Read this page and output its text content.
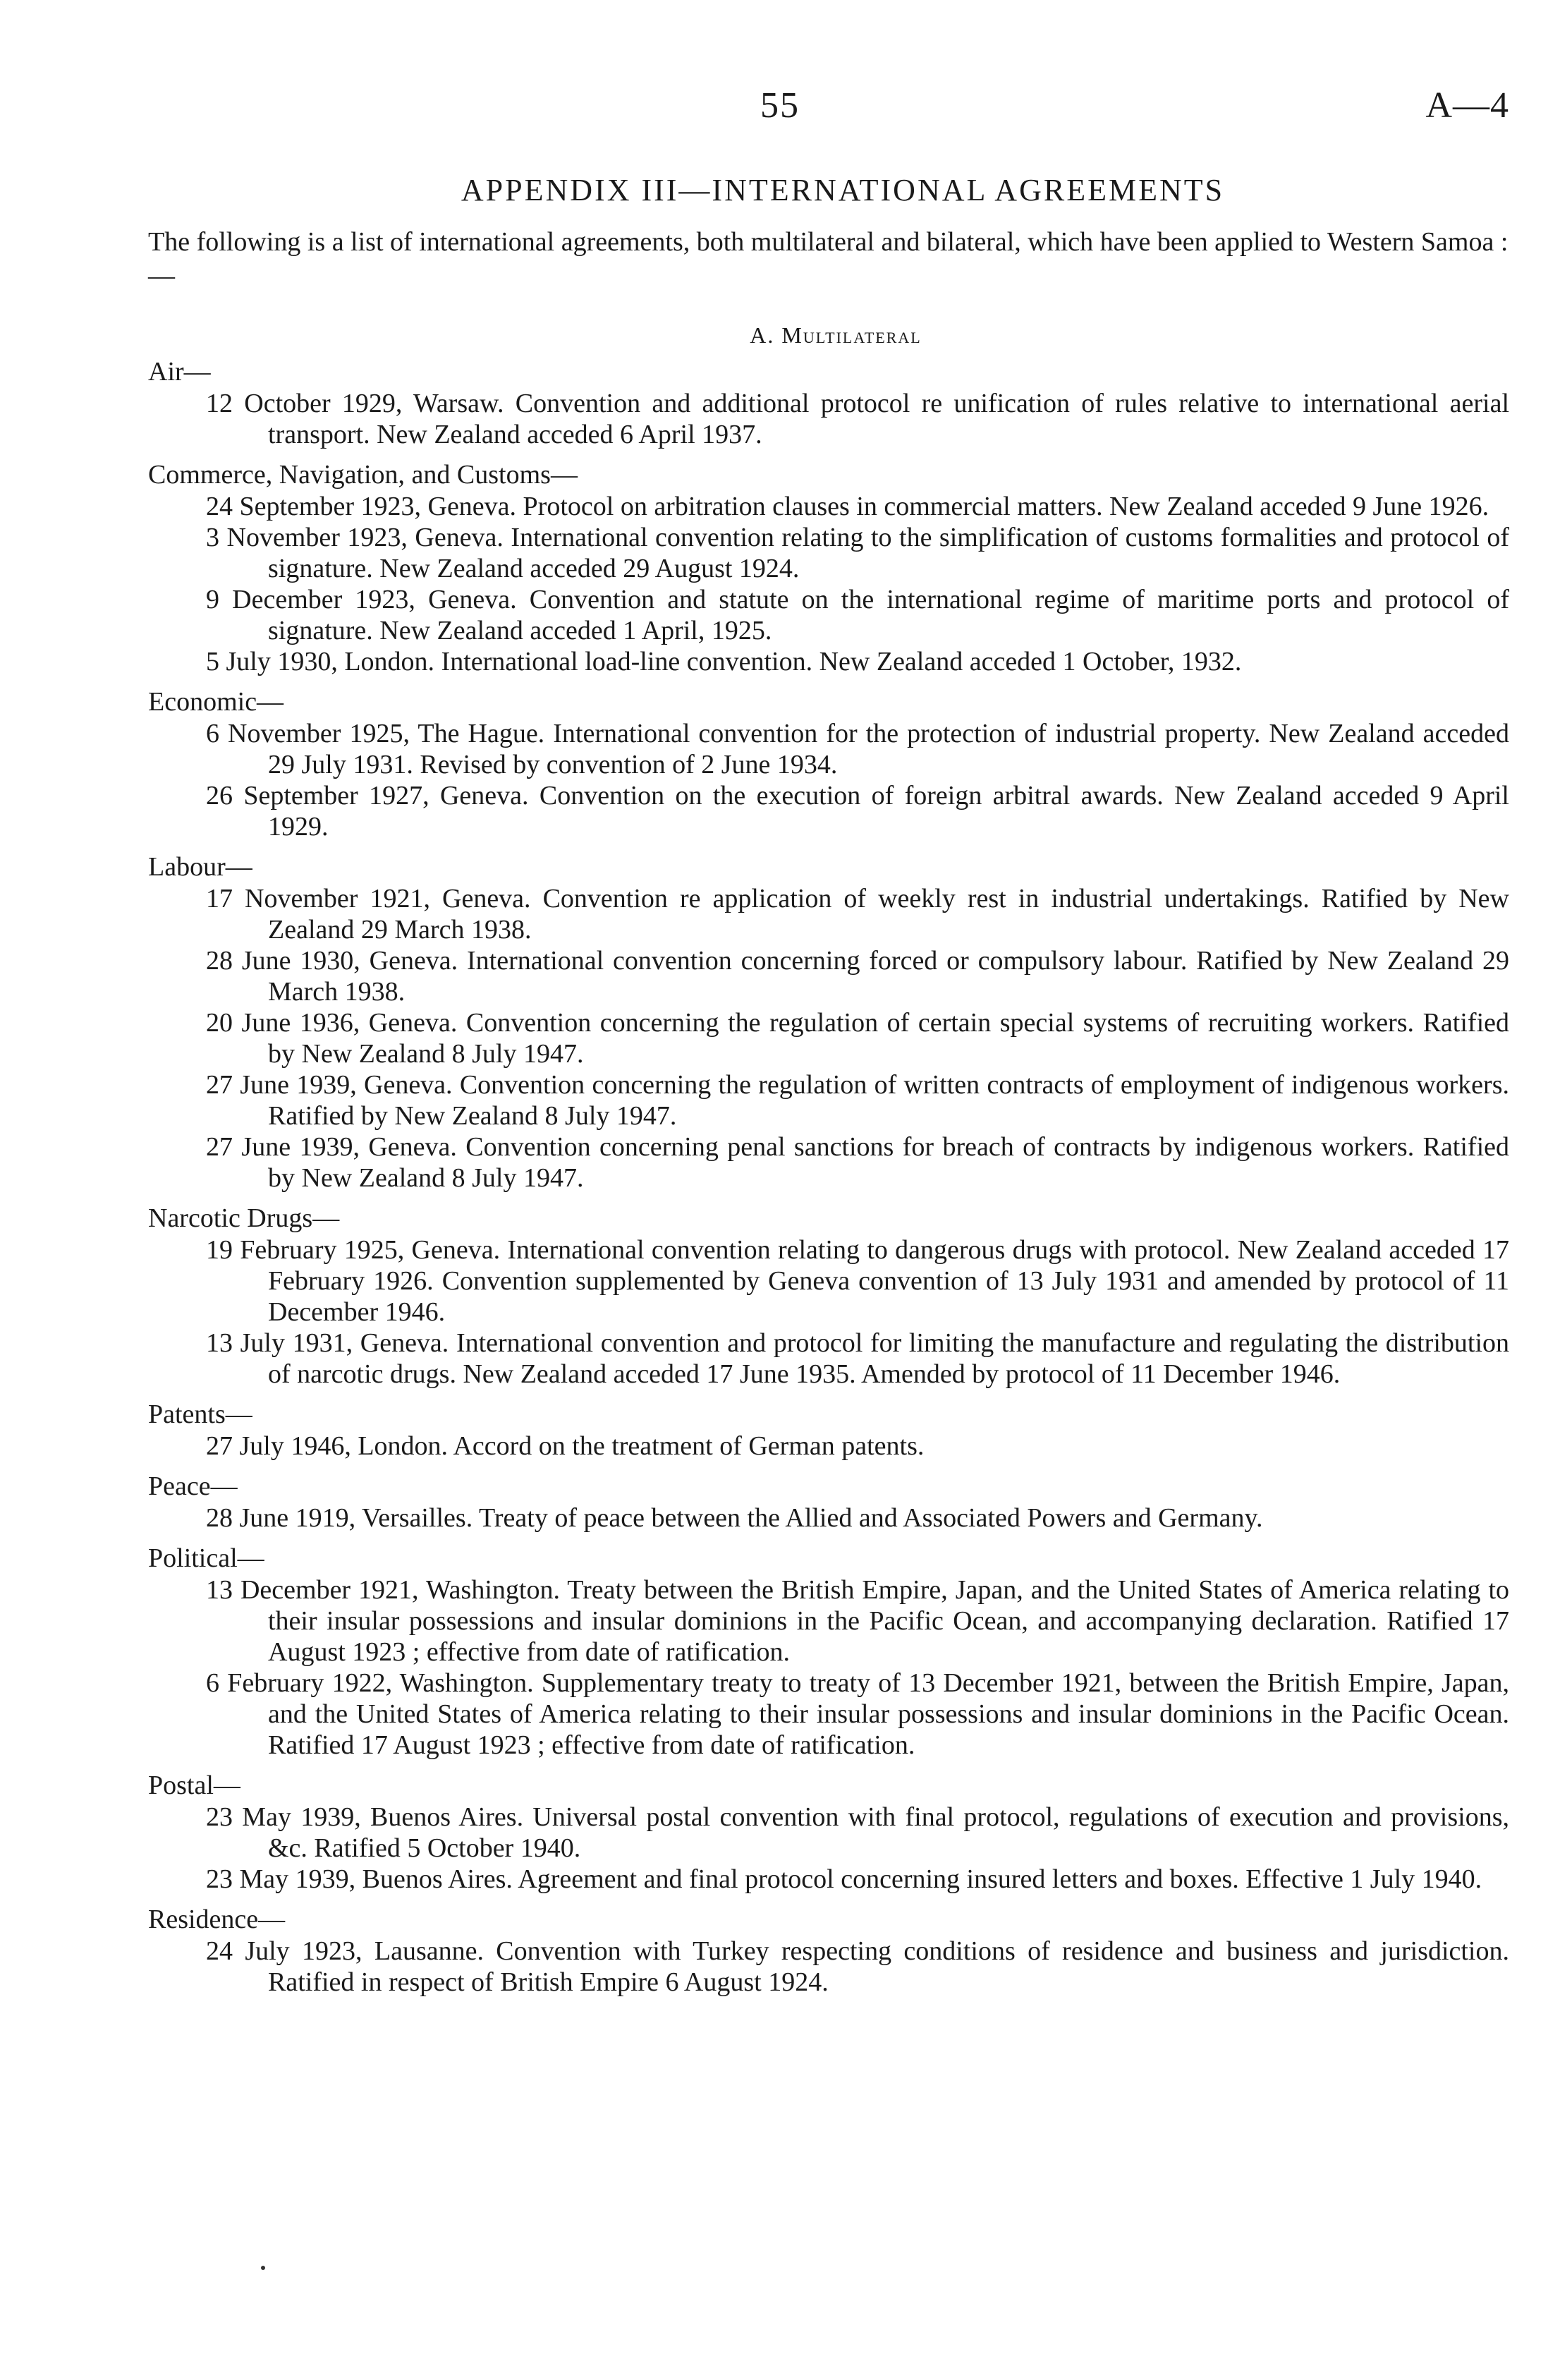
55	A—4
APPENDIX III—INTERNATIONAL AGREEMENTS

The following is a list of international agreements, both multilateral and bilateral, which have been applied to Western Samoa :—

A. Multilateral
Air—
12 October 1929, Warsaw. Convention and additional protocol re unification of rules relative to international aerial transport. New Zealand acceded 6 April 1937.
Commerce, Navigation, and Customs—
24 September 1923, Geneva. Protocol on arbitration clauses in commercial matters. New Zealand acceded 9 June 1926.
3 November 1923, Geneva. International convention relating to the simplification of customs formalities and protocol of signature. New Zealand acceded 29 August 1924.
9 December 1923, Geneva. Convention and statute on the international regime of maritime ports and protocol of signature. New Zealand acceded 1 April, 1925.
5 July 1930, London. International load-line convention. New Zealand acceded 1 October, 1932.
Economic—
6 November 1925, The Hague. International convention for the protection of industrial property. New Zealand acceded 29 July 1931. Revised by convention of 2 June 1934.
26 September 1927, Geneva. Convention on the execution of foreign arbitral awards. New Zealand acceded 9 April 1929.
Labour—
17 November 1921, Geneva. Convention re application of weekly rest in industrial undertakings. Ratified by New Zealand 29 March 1938.
28 June 1930, Geneva. International convention concerning forced or compulsory labour. Ratified by New Zealand 29 March 1938.
20 June 1936, Geneva. Convention concerning the regulation of certain special systems of recruiting workers. Ratified by New Zealand 8 July 1947.
27 June 1939, Geneva. Convention concerning the regulation of written contracts of employment of indigenous workers. Ratified by New Zealand 8 July 1947.
27 June 1939, Geneva. Convention concerning penal sanctions for breach of contracts by indigenous workers. Ratified by New Zealand 8 July 1947.
Narcotic Drugs—
19 February 1925, Geneva. International convention relating to dangerous drugs with protocol. New Zealand acceded 17 February 1926. Convention supplemented by Geneva convention of 13 July 1931 and amended by protocol of 11 December 1946.
13 July 1931, Geneva. International convention and protocol for limiting the manufacture and regulating the distribution of narcotic drugs. New Zealand acceded 17 June 1935. Amended by protocol of 11 December 1946.
Patents—
27 July 1946, London. Accord on the treatment of German patents.
Peace—
28 June 1919, Versailles. Treaty of peace between the Allied and Associated Powers and Germany.
Political—
13 December 1921, Washington. Treaty between the British Empire, Japan, and the United States of America relating to their insular possessions and insular dominions in the Pacific Ocean, and accompanying declaration. Ratified 17 August 1923 ; effective from date of ratification.
6 February 1922, Washington. Supplementary treaty to treaty of 13 December 1921, between the British Empire, Japan, and the United States of America relating to their insular possessions and insular dominions in the Pacific Ocean. Ratified 17 August 1923 ; effective from date of ratification.
Postal—
23 May 1939, Buenos Aires. Universal postal convention with final protocol, regulations of execution and provisions, &c. Ratified 5 October 1940.
23 May 1939, Buenos Aires. Agreement and final protocol concerning insured letters and boxes. Effective 1 July 1940.
Residence—
24 July 1923, Lausanne. Convention with Turkey respecting conditions of residence and business and jurisdiction. Ratified in respect of British Empire 6 August 1924.
